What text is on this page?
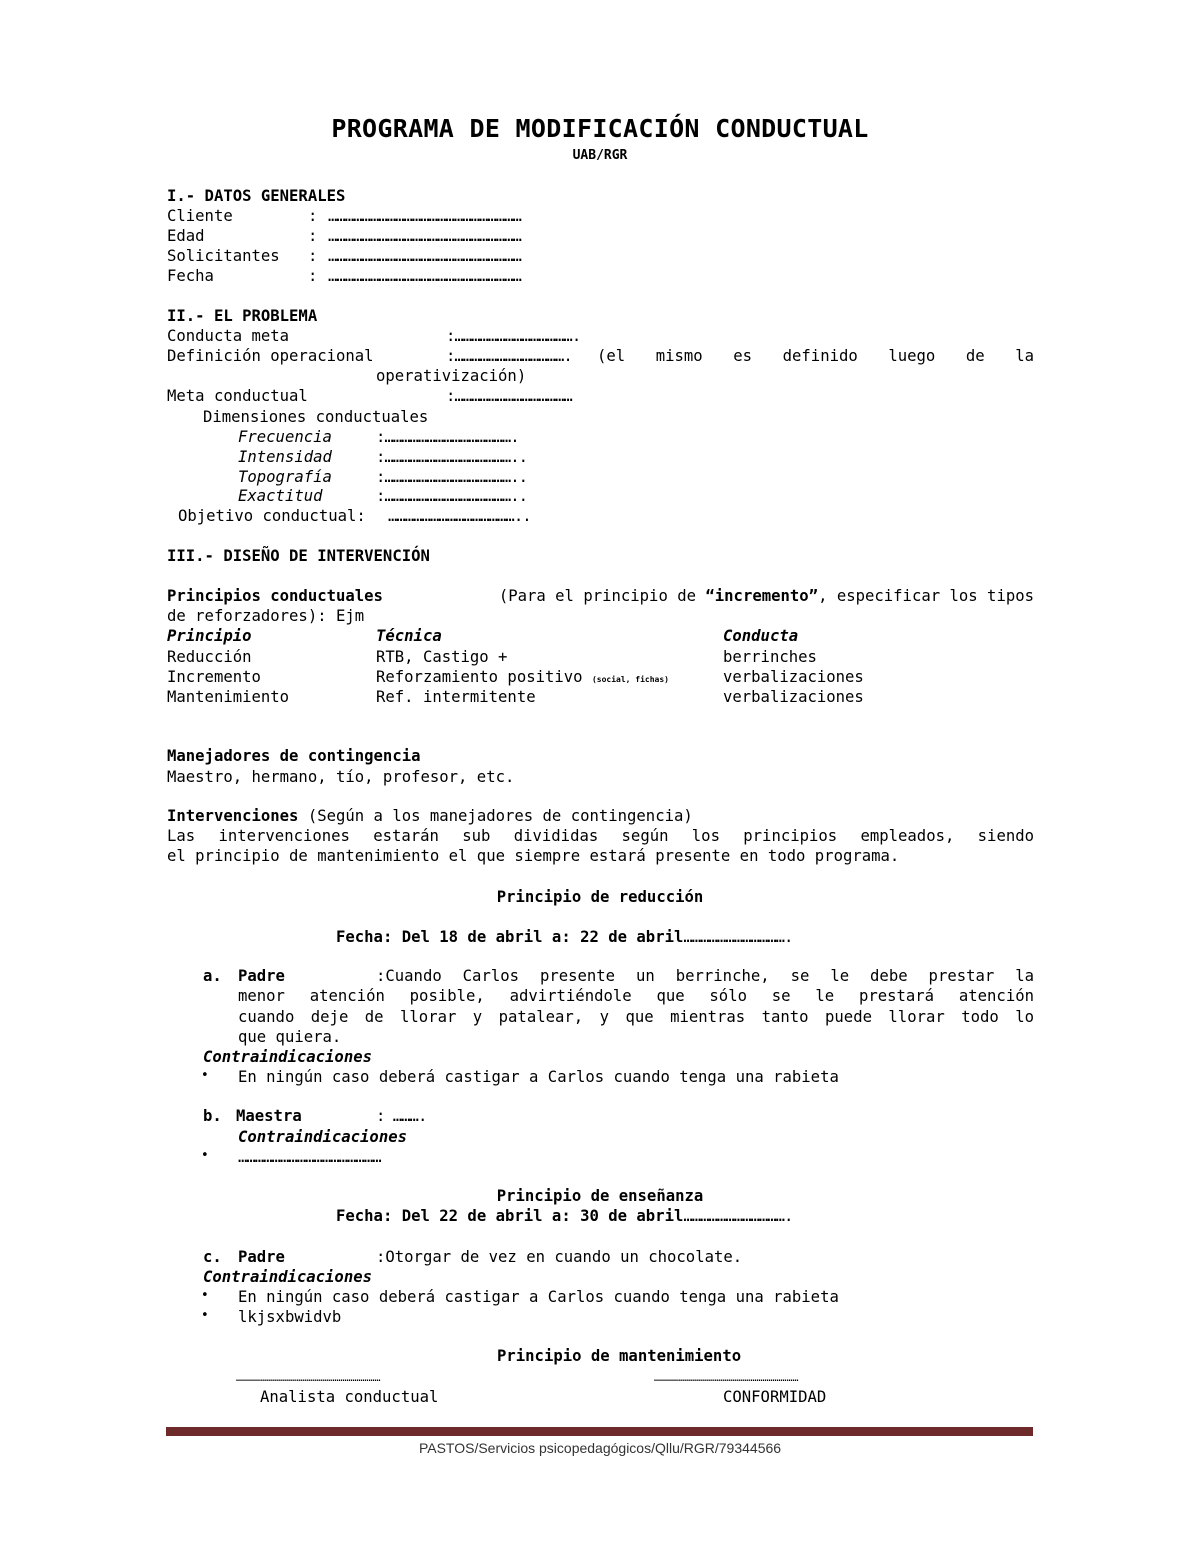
PROGRAMA DE MODIFICACIÓN CONDUCTUAL
UAB/RGR
I.- DATOS GENERALES
Cliente	: ……………………………………………………………
Edad	: ……………………………………………………………
Solicitantes : ……………………………………………………………
Fecha	: ……………………………………………………………
II.- EL PROBLEMA
Conducta meta	:…………………………………….
Definición operacional	:…………………………………. (el mismo es definido luego de la
operativización)
Meta conductual	:……………………………………
Dimensiones conductuales
Frecuencia	:……………………………………….
Intensidad	:………………………………………..
Topografía	:………………………………………..
Exactitud	:………………………………………..
Objetivo conductual: ………………………………………..
III.- DISEÑO DE INTERVENCIÓN
Principios conductuales	(Para el principio de “incremento”, especificar los tipos
de reforzadores): Ejm
Principio	Técnica	Conducta
Reducción	RTB, Castigo +	berrinches
Incremento	Reforzamiento positivo (social, fichas)	verbalizaciones
Mantenimiento	Ref. intermitente	verbalizaciones
Manejadores de contingencia
Maestro, hermano, tío, profesor, etc.
Intervenciones (Según a los manejadores de contingencia)
Las intervenciones estarán sub divididas según los principios empleados, siendo
el principio de mantenimiento el que siempre estará presente en todo programa.
Principio de reducción
Fecha: Del 18 de abril a: 22 de abril……………………………….
a. Padre	:Cuando Carlos presente un berrinche, se le debe prestar la
menor atención posible, advirtiéndole que sólo se le prestará atención
cuando deje de llorar y patalear, y que mientras tanto puede llorar todo lo
que quiera.
Contraindicaciones
• En ningún caso deberá castigar a Carlos cuando tenga una rabieta
b. Maestra	: ……….
Contraindicaciones
• ……………………………………………
Principio de enseñanza
Fecha: Del 22 de abril a: 30 de abril……………………………….
c. Padre	:Otorgar de vez en cuando un chocolate.
Contraindicaciones
• En ningún caso deberá castigar a Carlos cuando tenga una rabieta
• lkjsxbwidvb
Principio de mantenimiento
………………………………………………………………
Analista conductual
………………………………………………………………
CONFORMIDAD
PASTOS/Servicios psicopedagógicos/Qllu/RGR/79344566
